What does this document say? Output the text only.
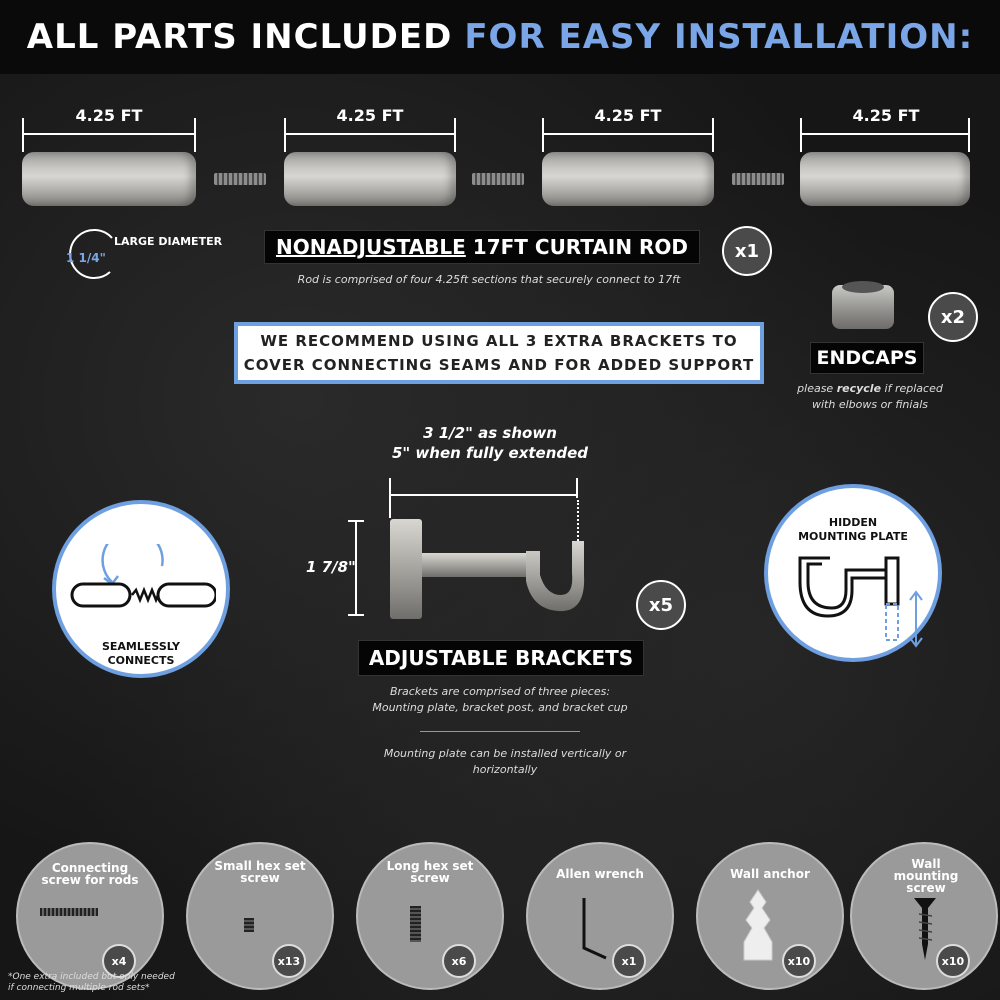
ALL PARTS INCLUDED FOR EASY INSTALLATION:
4.25 FT	4.25 FT	4.25 FT	4.25 FT
LARGE DIAMETER
1 1/4"	NONADJUSTABLE 17FT CURTAIN ROD	x1
Rod is comprised of four 4.25ft sections that securely connect to 17ft
WE RECOMMEND USING ALL 3 EXTRA BRACKETS TO
COVER CONNECTING SEAMS AND FOR ADDED SUPPORT
x2
ENDCAPS
please recycle if replaced
with elbows or finials
3 1/2" as shown
5" when fully extended
1 7/8"
x5
ADJUSTABLE BRACKETS
Brackets are comprised of three pieces:
Mounting plate, bracket post, and bracket cup
Mounting plate can be installed vertically or
horizontally
SEAMLESSLY
CONNECTS
HIDDEN
MOUNTING PLATE
Connecting screw for rods
x4
Small hex set screw
x13
Long hex set screw
x6
Allen wrench
x1
Wall anchor
x10
Wall mounting screw
x10
*One extra included but only needed
if connecting multiple rod sets*
